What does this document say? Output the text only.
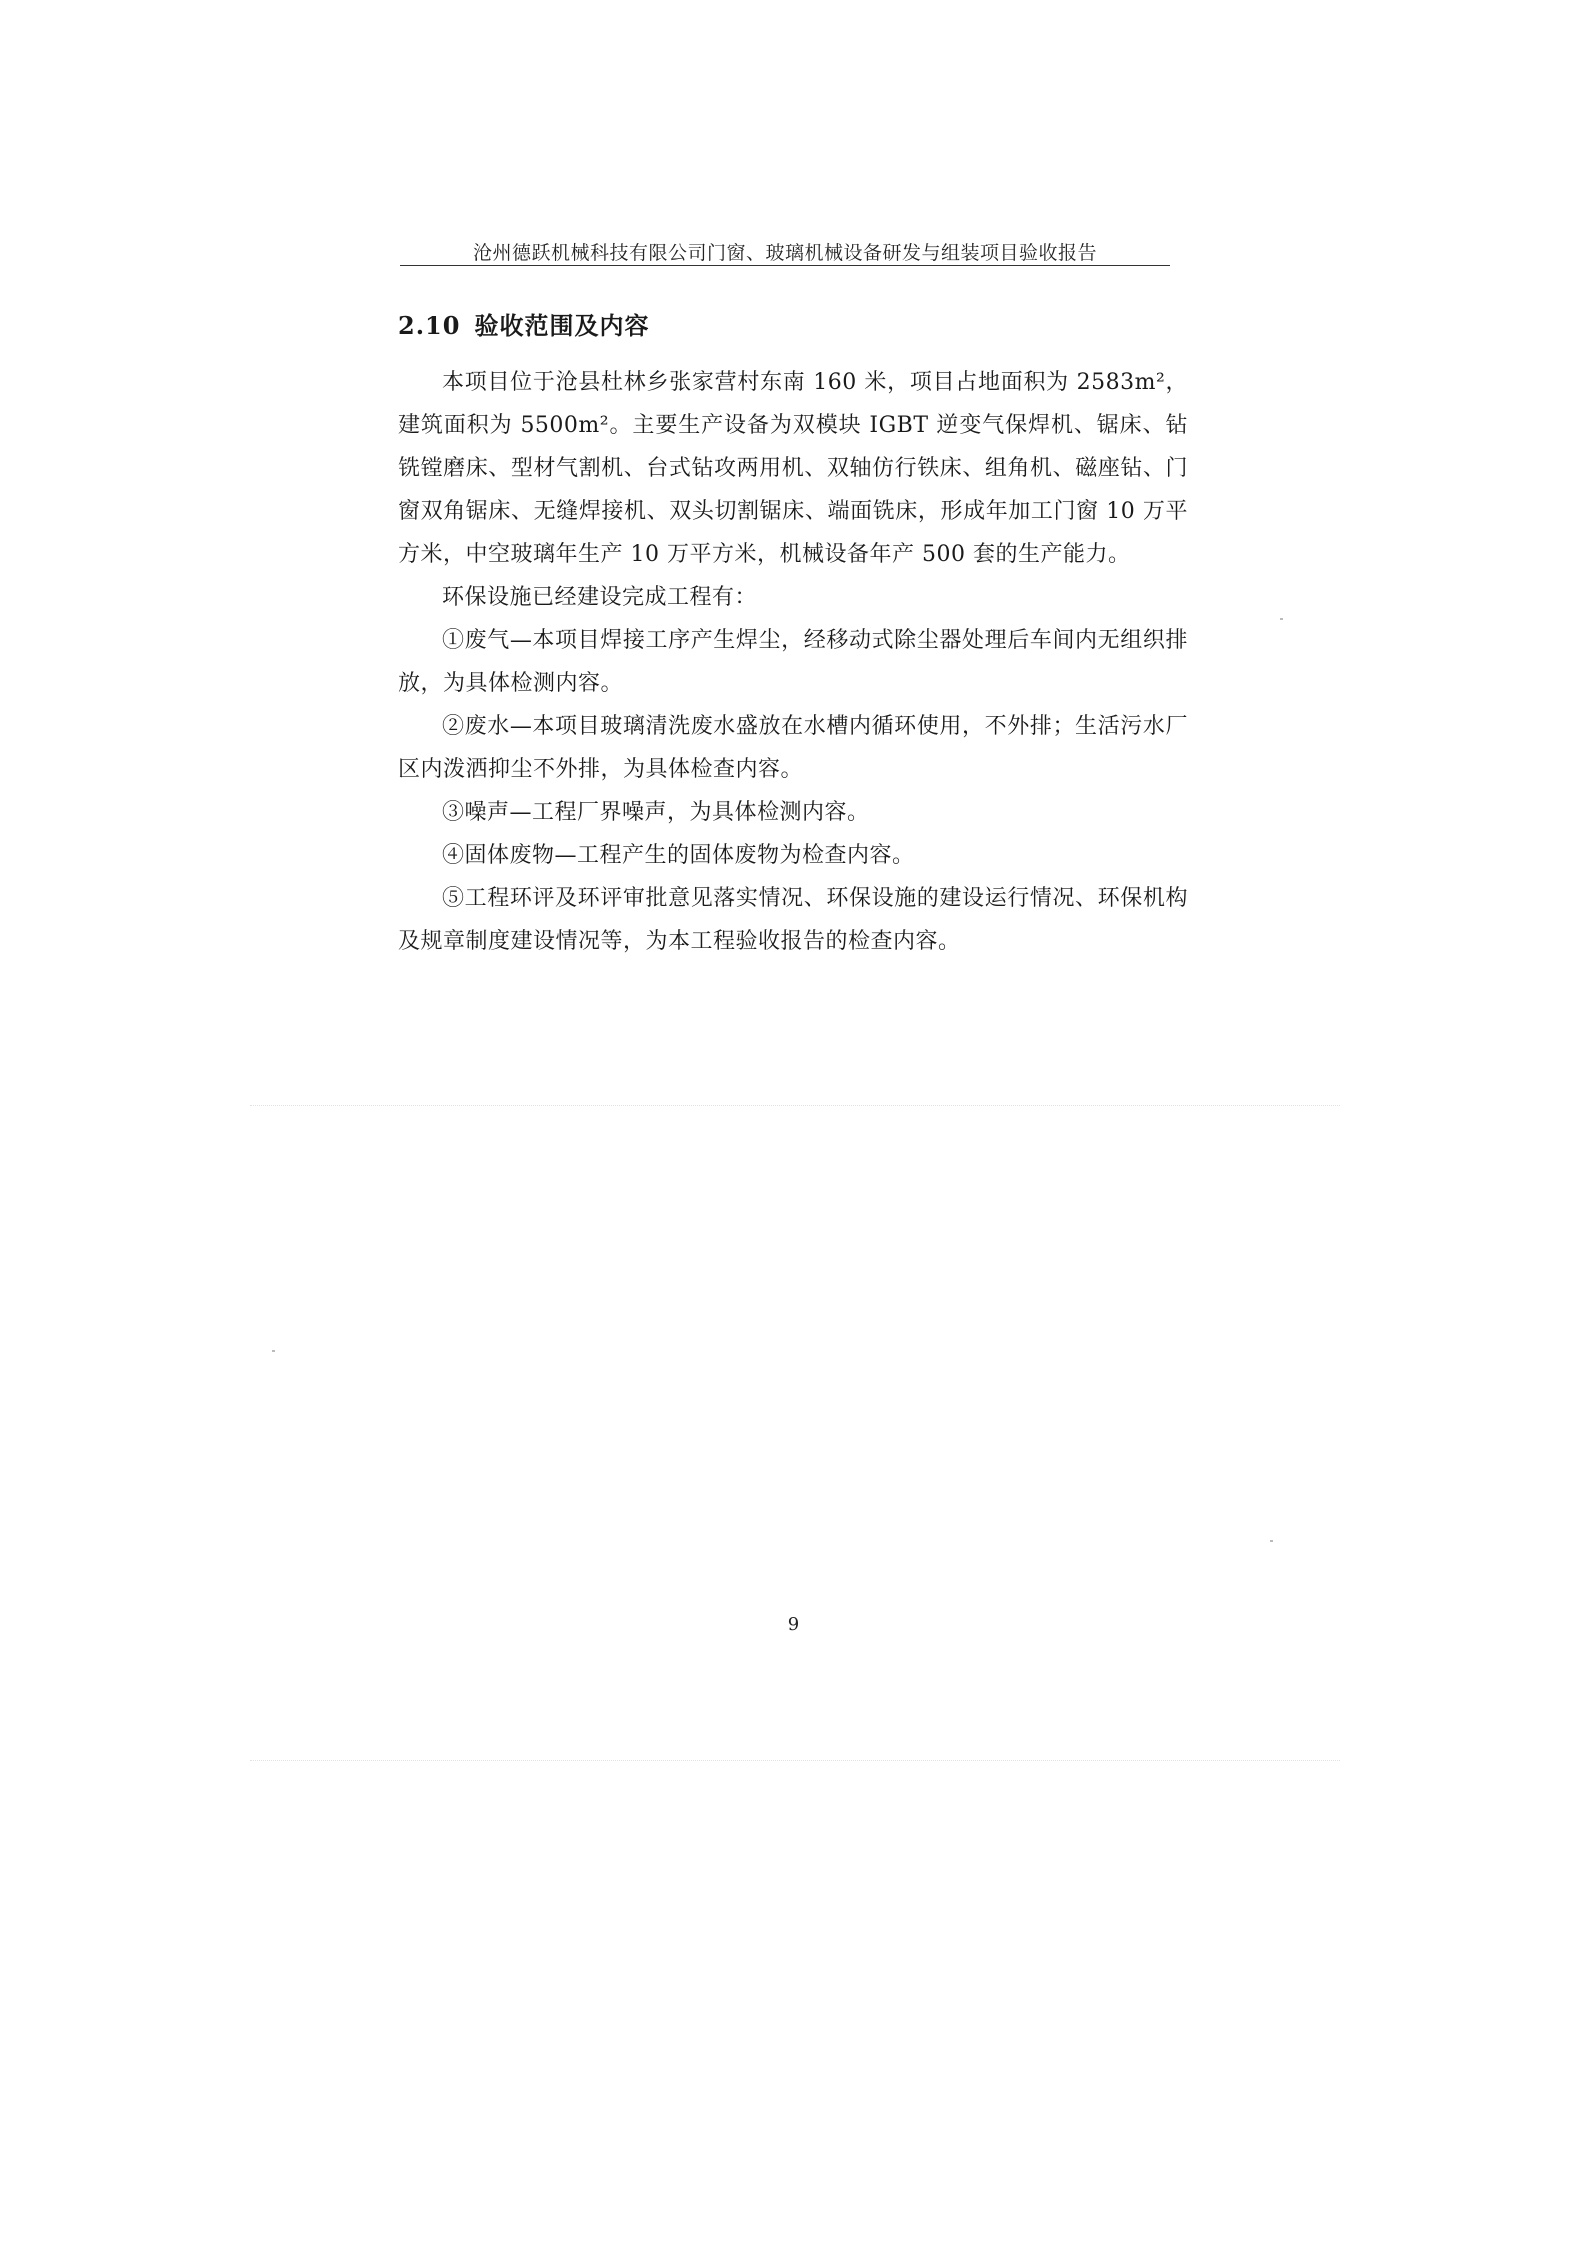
沧州德跃机械科技有限公司门窗、玻璃机械设备研发与组装项目验收报告
2.10 验收范围及内容

本项目位于沧县杜林乡张家营村东南 160 米，项目占地面积为 2583m²，建筑面积为 5500m²。主要生产设备为双模块 IGBT 逆变气保焊机、锯床、钻铣镗磨床、型材气割机、台式钻攻两用机、双轴仿行铁床、组角机、磁座钻、门窗双角锯床、无缝焊接机、双头切割锯床、端面铣床，形成年加工门窗 10 万平方米，中空玻璃年生产 10 万平方米，机械设备年产 500 套的生产能力。

环保设施已经建设完成工程有：

①废气—本项目焊接工序产生焊尘，经移动式除尘器处理后车间内无组织排放，为具体检测内容。

②废水—本项目玻璃清洗废水盛放在水槽内循环使用，不外排；生活污水厂区内泼洒抑尘不外排，为具体检查内容。

③噪声—工程厂界噪声，为具体检测内容。

④固体废物—工程产生的固体废物为检查内容。

⑤工程环评及环评审批意见落实情况、环保设施的建设运行情况、环保机构及规章制度建设情况等，为本工程验收报告的检查内容。

9
